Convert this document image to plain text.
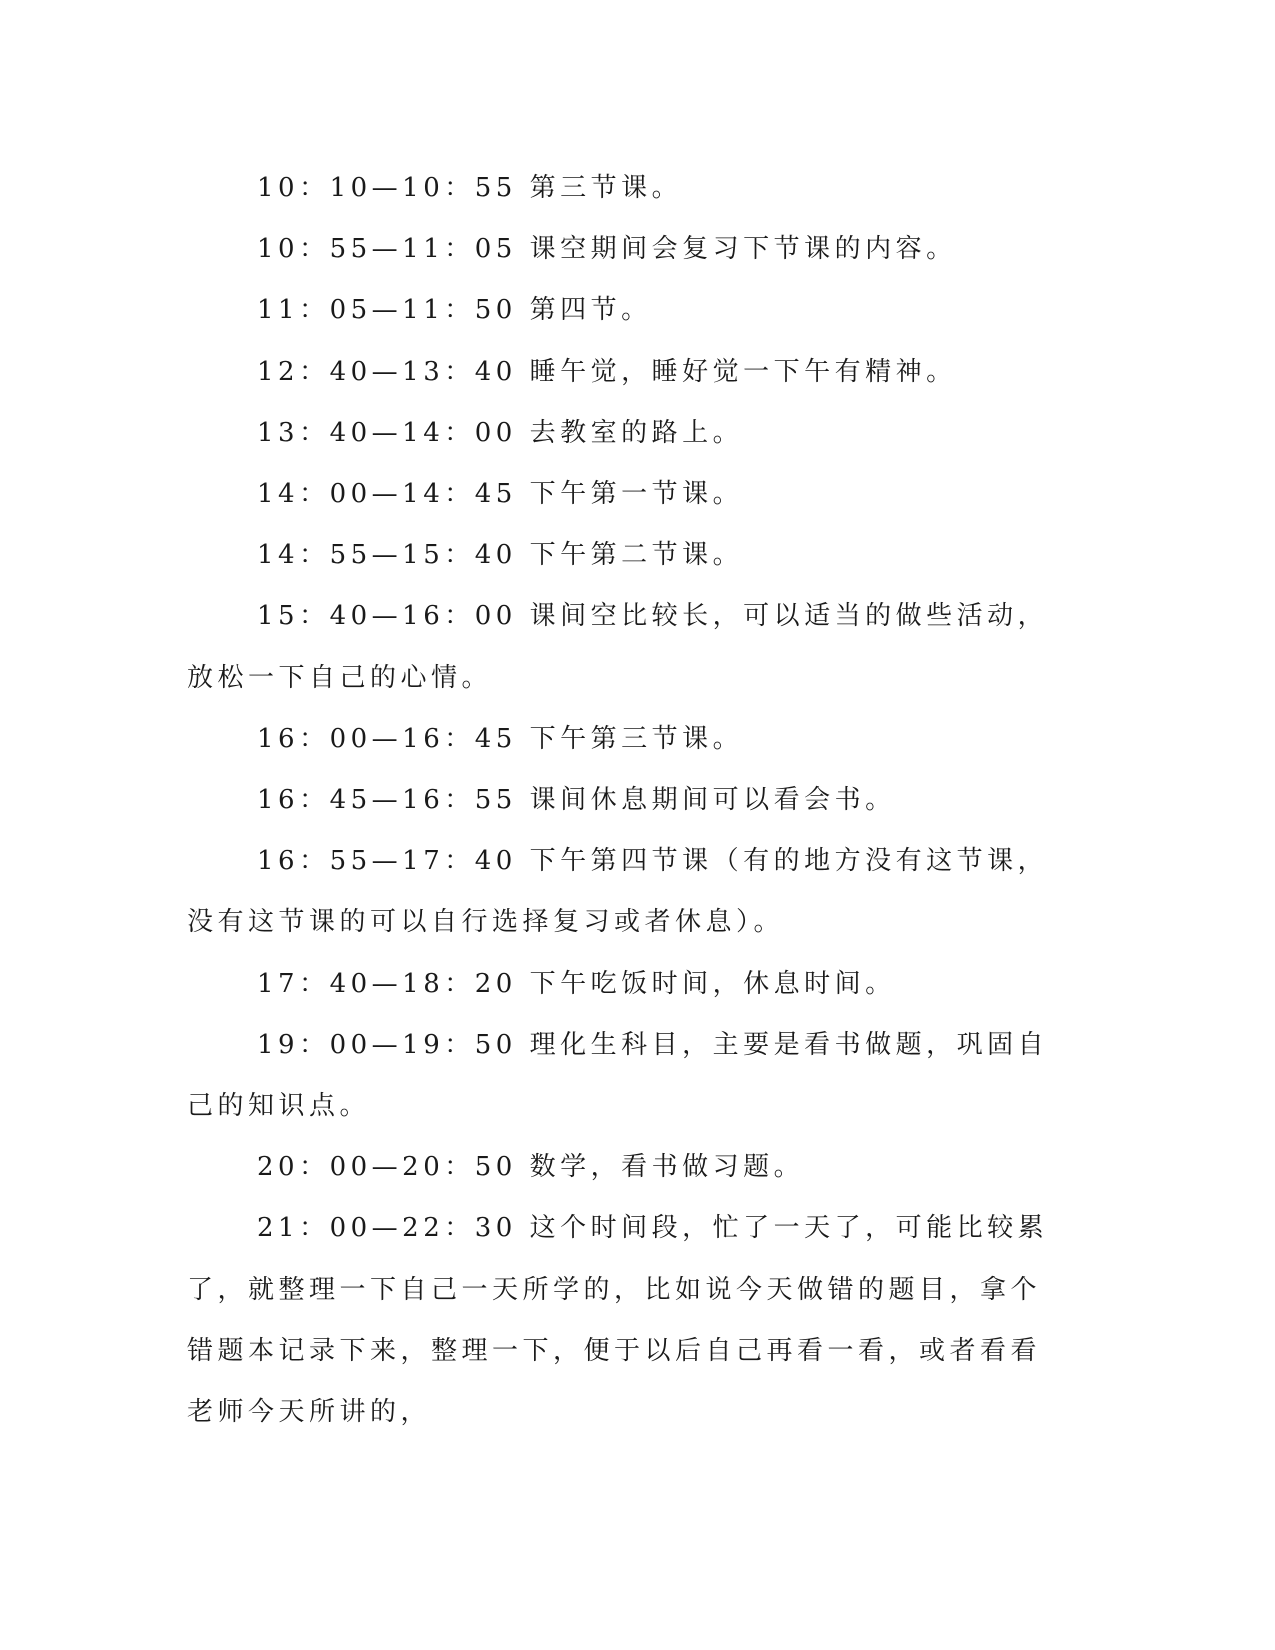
10：10—10：55 第三节课。

10：55—11：05 课空期间会复习下节课的内容。

11：05—11：50 第四节。

12：40—13：40 睡午觉，睡好觉一下午有精神。

13：40—14：00 去教室的路上。

14：00—14：45 下午第一节课。

14：55—15：40 下午第二节课。

15：40—16：00 课间空比较长，可以适当的做些活动，放松一下自己的心情。

16：00—16：45 下午第三节课。

16：45—16：55 课间休息期间可以看会书。

16：55—17：40 下午第四节课（有的地方没有这节课，没有这节课的可以自行选择复习或者休息）。

17：40—18：20 下午吃饭时间，休息时间。

19：00—19：50 理化生科目，主要是看书做题，巩固自己的知识点。

20：00—20：50 数学，看书做习题。

21：00—22：30 这个时间段，忙了一天了，可能比较累了，就整理一下自己一天所学的，比如说今天做错的题目，拿个错题本记录下来，整理一下，便于以后自己再看一看，或者看看老师今天所讲的，
